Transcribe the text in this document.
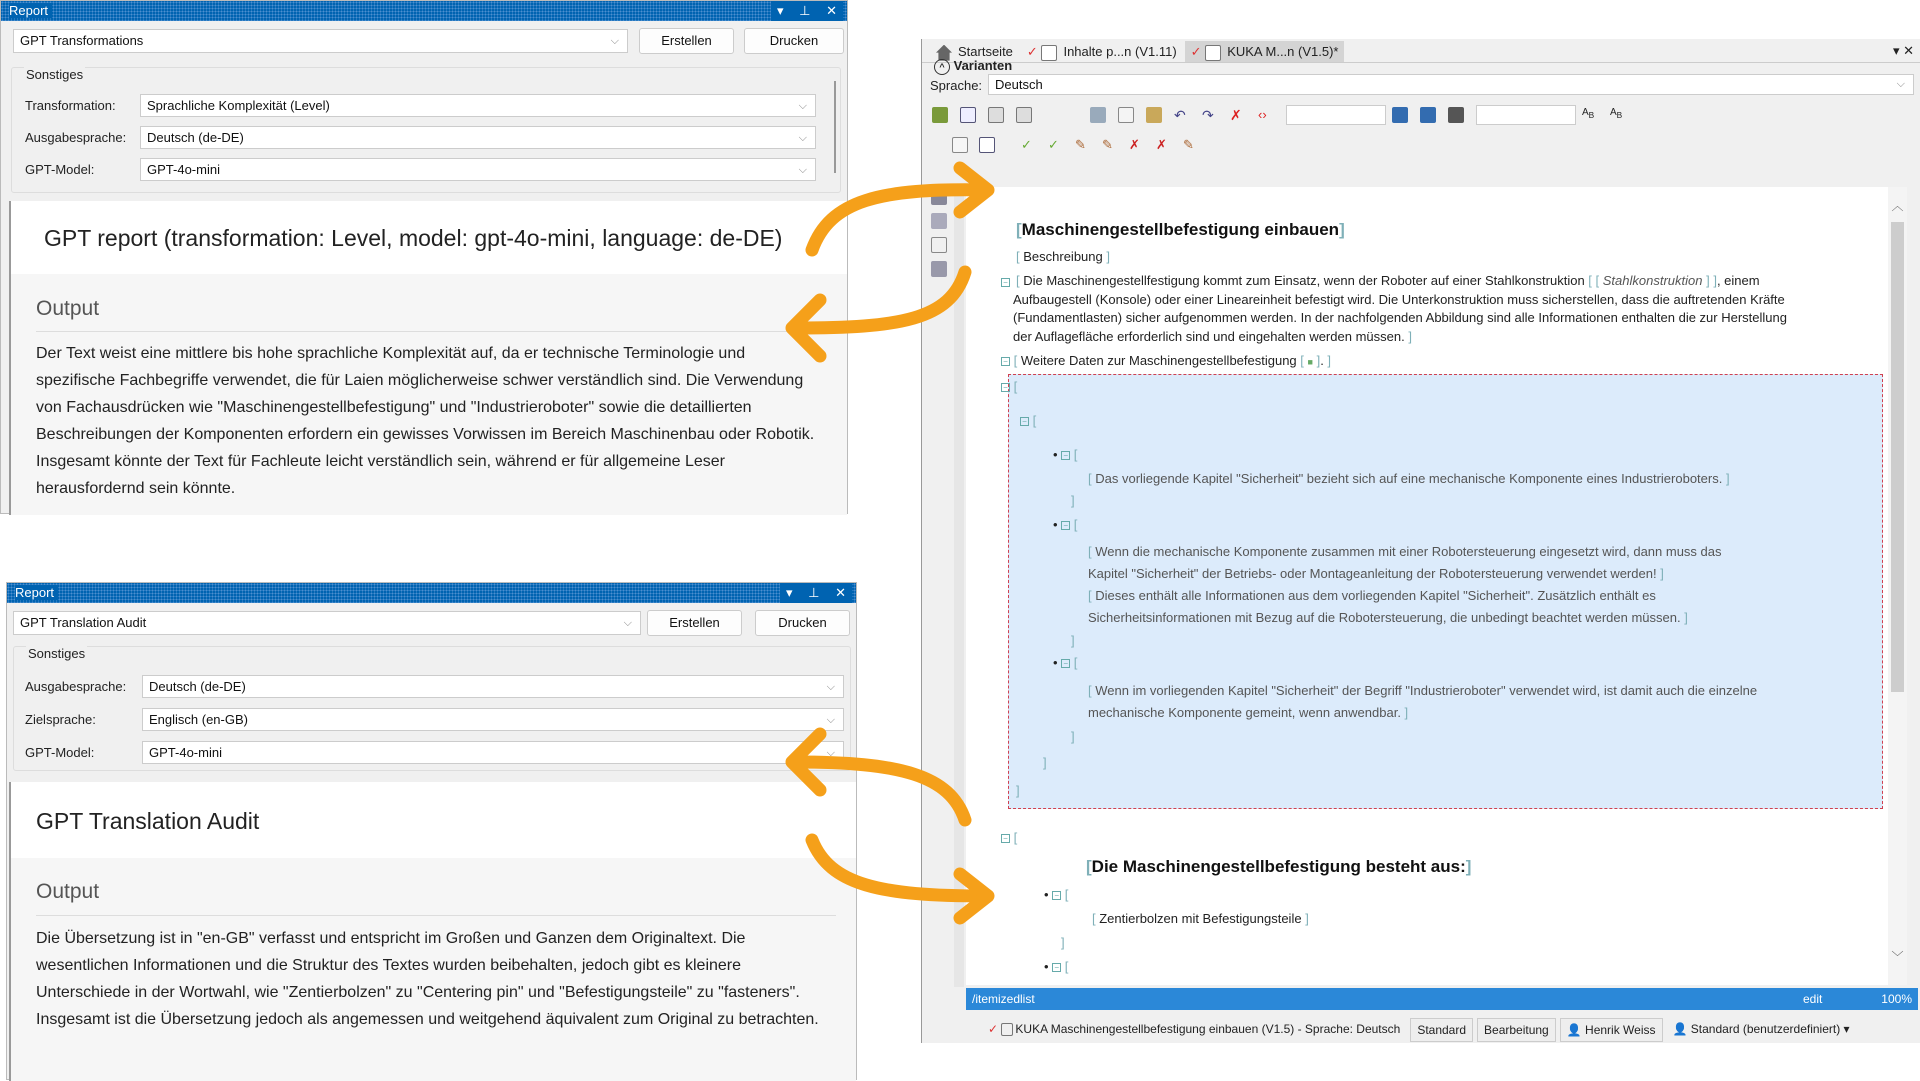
Report	▾ ⊥ ✕
GPT Transformations	⌵	Erstellen	Drucken
Sonstiges
Transformation:	Sprachliche Komplexität (Level)	⌵
Ausgabesprache:	Deutsch (de-DE)	⌵
GPT-Model:	GPT-4o-mini	⌵
GPT report (transformation: Level, model: gpt-4o-mini, language: de-DE)
Output
Der Text weist eine mittlere bis hohe sprachliche Komplexität auf, da er technische Terminologie und spezifische Fachbegriffe verwendet, die für Laien möglicherweise schwer verständlich sind. Die Verwendung von Fachausdrücken wie "Maschinengestellbefestigung" und "Industrieroboter" sowie die detaillierten Beschreibungen der Komponenten erfordern ein gewisses Vorwissen im Bereich Maschinenbau oder Robotik. Insgesamt könnte der Text für Fachleute leicht verständlich sein, während er für allgemeine Leser herausfordernd sein könnte.
Report	▾ ⊥ ✕
GPT Translation Audit	⌵	Erstellen	Drucken
Sonstiges
Ausgabesprache:	Deutsch (de-DE)	⌵
Zielsprache:	Englisch (en-GB)	⌵
GPT-Model:	GPT-4o-mini	⌵
GPT Translation Audit
Output
Die Übersetzung ist in "en-GB" verfasst und entspricht im Großen und Ganzen dem Originaltext. Die wesentlichen Informationen und die Struktur des Textes wurden beibehalten, jedoch gibt es kleinere Unterschiede in der Wortwahl, wie "Zentierbolzen" zu "Centering pin" und "Befestigungsteile" zu "fasteners". Insgesamt ist die Übersetzung jedoch als angemessen und weitgehend äquivalent zum Original zu betrachten.
Startseite	✓ Inhalte p...n (V1.11)	✓ KUKA M...n (V1.5)*	▾ ✕
^ Varianten
Sprache: Deutsch	⌵
↶	↷	✗	‹›	$A_B$	$A_B$
✓	✓	✎	✎	✗	✗	✎
[
[Maschinengestellbefestigung einbauen]
[ Beschreibung ]
− [ Die Maschinengestellfestigung kommt zum Einsatz, wenn der Roboter auf einer Stahlkonstruktion [ [ Stahlkonstruktion ] ], einem
Aufbaugestell (Konsole) oder einer Lineareinheit befestigt wird. Die Unterkonstruktion muss sicherstellen, dass die auftretenden Kräfte
(Fundamentlasten) sicher aufgenommen werden. In der nachfolgenden Abbildung sind alle Informationen enthalten die zur Herstellung
der Auflagefläche erforderlich sind und eingehalten werden müssen. ]
− [ Weitere Daten zur Maschinengestellbefestigung [ ■ ]. ]
− [
− [
• − [
[ Das vorliegende Kapitel "Sicherheit" bezieht sich auf eine mechanische Komponente eines Industrieroboters. ]
]
• − [
[ Wenn die mechanische Komponente zusammen mit einer Robotersteuerung eingesetzt wird, dann muss das
Kapitel "Sicherheit" der Betriebs- oder Montageanleitung der Robotersteuerung verwendet werden! ]
[ Dieses enthält alle Informationen aus dem vorliegenden Kapitel "Sicherheit". Zusätzlich enthält es
Sicherheitsinformationen mit Bezug auf die Robotersteuerung, die unbedingt beachtet werden müssen. ]
]
• − [
[ Wenn im vorliegenden Kapitel "Sicherheit" der Begriff "Industrieroboter" verwendet wird, ist damit auch die einzelne
mechanische Komponente gemeint, wenn anwendbar. ]
]
]
]
− [
[Die Maschinengestellbefestigung besteht aus:]
• − [
[ Zentierbolzen mit Befestigungsteile ]
]
• − [
︿
﹀
/itemizedlist	edit	100%
✓ KUKA Maschinengestellbefestigung einbauen (V1.5) - Sprache: Deutsch	Standard	Bearbeitung	👤 Henrik Weiss	👤 Standard (benutzerdefiniert) ▾
